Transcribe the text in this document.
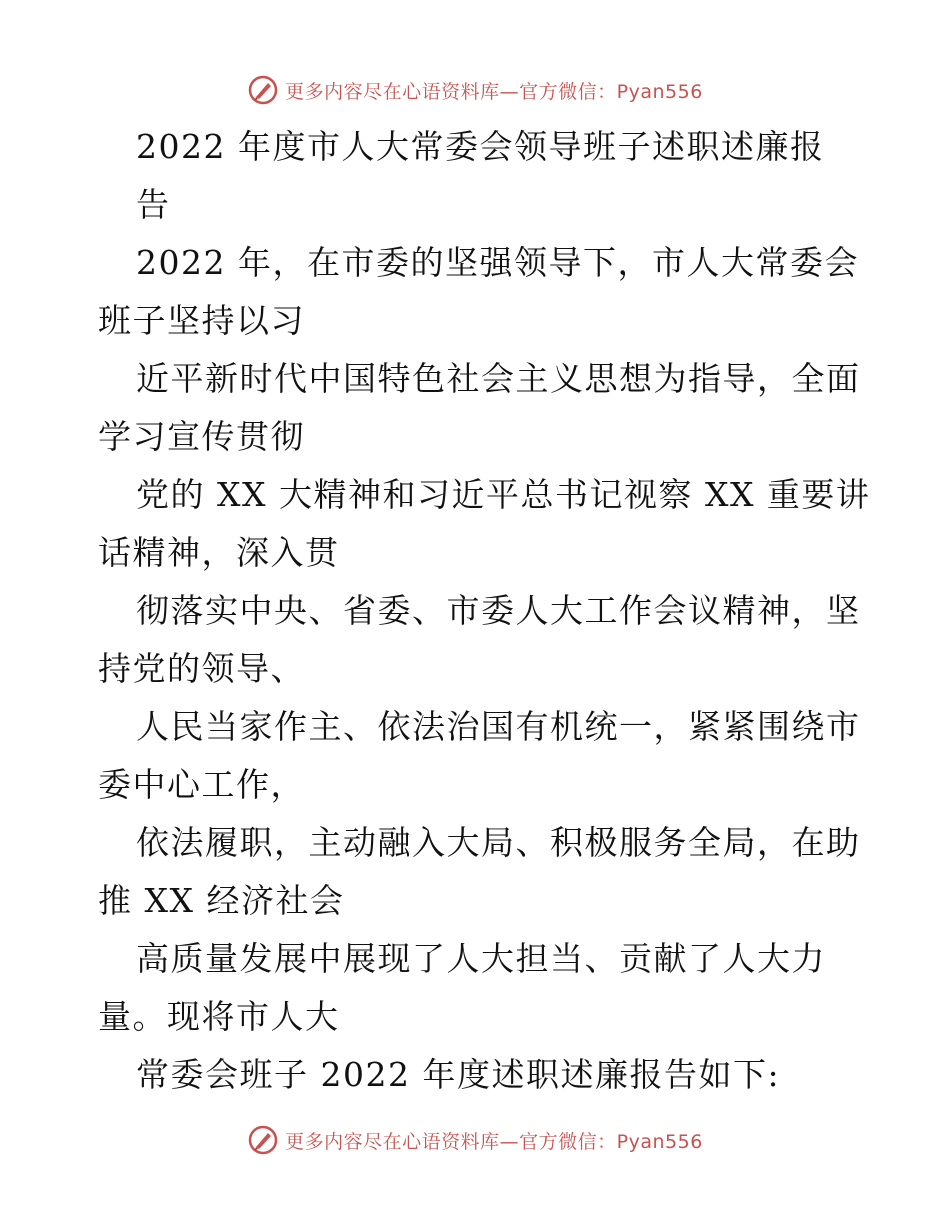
更多内容尽在心语资料库—官方微信：Pyan556
2022 年度市人大常委会领导班子述职述廉报
告
2022 年，在市委的坚强领导下，市人大常委会
班子坚持以习
近平新时代中国特色社会主义思想为指导，全面
学习宣传贯彻
党的 XX 大精神和习近平总书记视察 XX 重要讲
话精神，深入贯
彻落实中央、省委、市委人大工作会议精神，坚
持党的领导、
人民当家作主、依法治国有机统一，紧紧围绕市
委中心工作，
依法履职，主动融入大局、积极服务全局，在助
推 XX 经济社会
高质量发展中展现了人大担当、贡献了人大力
量。现将市人大
常委会班子 2022 年度述职述廉报告如下:
更多内容尽在心语资料库—官方微信：Pyan556
